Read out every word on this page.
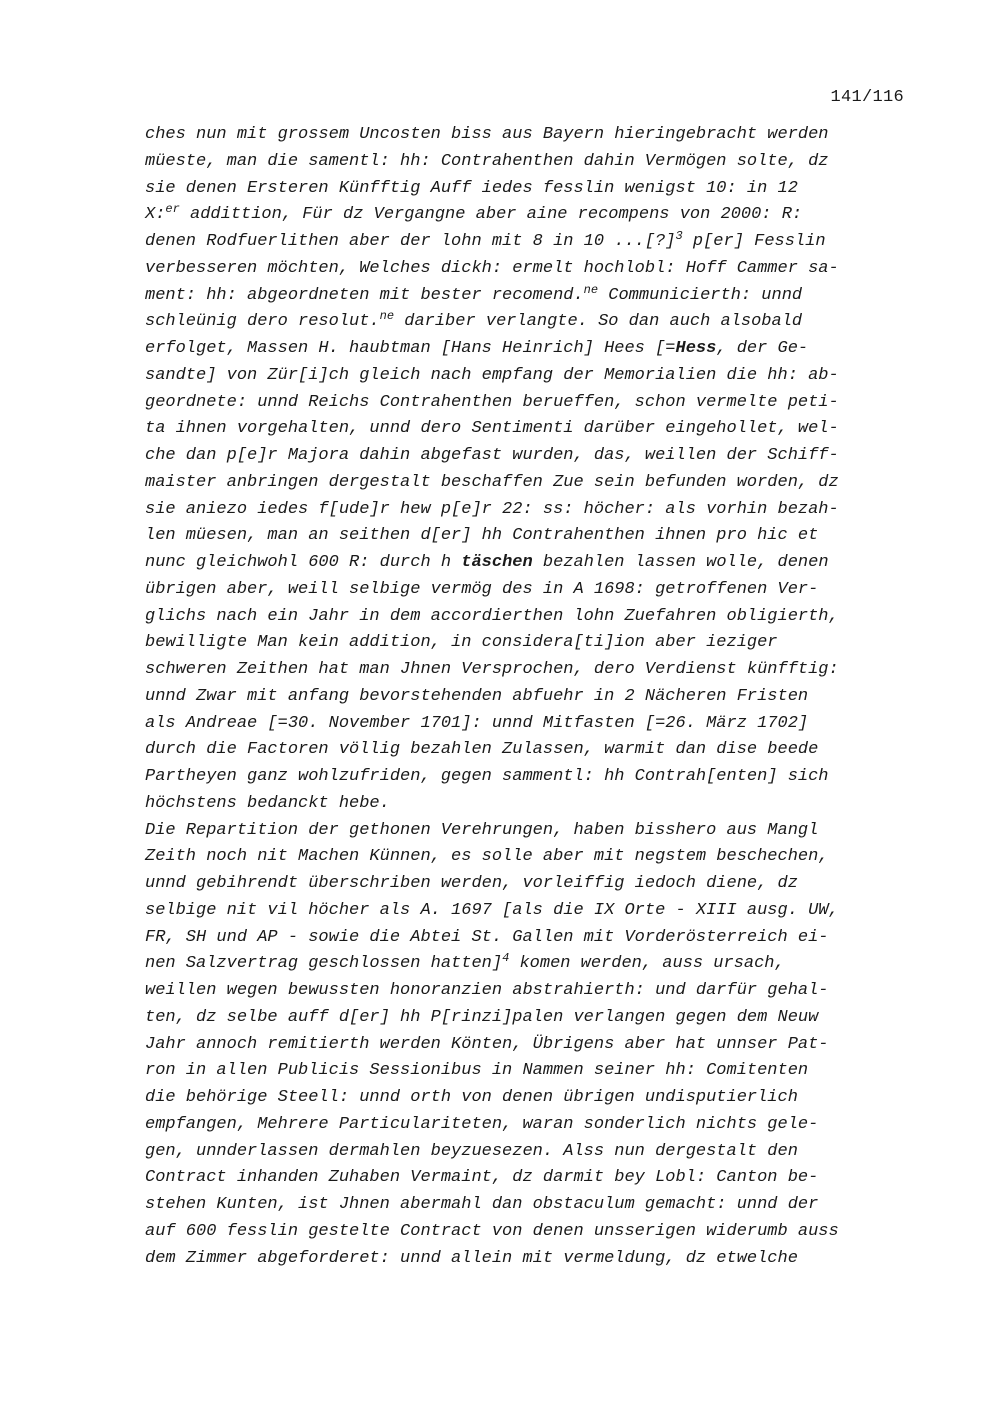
141/116
ches nun mit grossem Uncosten biss aus Bayern hieringebracht werden
müeste, man die samentl: hh: Contrahenthen dahin Vermögen solte, dz
sie denen Ersteren Künfftig Auff iedes fesslin wenigst 10: in 12
X:$^{er}$ addittion, Für dz Vergangne aber aine recompens von 2000: R:
denen Rodfuerlithen aber der lohn mit 8 in 10 ...[?]$^3$ p[er] Fesslin
verbesseren möchten, Welches dickh: ermelt hochlobl: Hoff Cammer sa-
ment: hh: abgeordneten mit bester recomend.$^{ne}$ Communicierth: unnd
schleünig dero resolut.$^{ne}$ dariber verlangte. So dan auch alsobald
erfolget, Massen H. haubtman [Hans Heinrich] Hees [=Hess, der Ge-
sandte] von Zür[i]ch gleich nach empfang der Memorialien die hh: ab-
geordnete: unnd Reichs Contrahenthen berueffen, schon vermelte peti-
ta ihnen vorgehalten, unnd dero Sentimenti darüber eingehollet, wel-
che dan p[e]r Majora dahin abgefast wurden, das, weillen der Schiff-
maister anbringen dergestalt beschaffen Zue sein befunden worden, dz
sie aniezo iedes f[ude]r hew p[e]r 22: ss: höcher: als vorhin bezah-
len müesen, man an seithen d[er] hh Contrahenthen ihnen pro hic et
nunc gleichwohl 600 R: durch h täschen bezahlen lassen wolle, denen
übrigen aber, weill selbige vermög des in A 1698: getroffenen Ver-
glichs nach ein Jahr in dem accordierthen lohn Zuefahren obligierth,
bewilligte Man kein addition, in considera[ti]ion aber ieziger
schweren Zeithen hat man Jhnen Versprochen, dero Verdienst künfftig:
unnd Zwar mit anfang bevorstehenden abfuehr in 2 Nächeren Fristen
als Andreae [=30. November 1701]: unnd Mitfasten [=26. März 1702]
durch die Factoren völlig bezahlen Zulassen, warmit dan dise beede
Partheyen ganz wohlzufriden, gegen sammentl: hh Contrah[enten] sich
höchstens bedanckt hebe.
Die Repartition der gethonen Verehrungen, haben bisshero aus Mangl
Zeith noch nit Machen Künnen, es solle aber mit negstem beschechen,
unnd gebihrendt überschriben werden, vorleiffig iedoch diene, dz
selbige nit vil höcher als A. 1697 [als die IX Orte - XIII ausg. UW,
FR, SH und AP - sowie die Abtei St. Gallen mit Vorderösterreich ei-
nen Salzvertrag geschlossen hatten]$^4$ komen werden, auss ursach,
weillen wegen bewussten honoranzien abstrahierth: und darfür gehal-
ten, dz selbe auff d[er] hh P[rinzi]palen verlangen gegen dem Neuw
Jahr annoch remitierth werden Könten, Übrigens aber hat unnser Pat-
ron in allen Publicis Sessionibus in Nammen seiner hh: Comitenten
die behörige Steell: unnd orth von denen übrigen undisputierlich
empfangen, Mehrere Particulariteten, waran sonderlich nichts gele-
gen, unnderlassen dermahlen beyzuesezen. Alss nun dergestalt den
Contract inhanden Zuhaben Vermaint, dz darmit bey Lobl: Canton be-
stehen Kunten, ist Jhnen abermahl dan obstaculum gemacht: unnd der
auf 600 fesslin gestelte Contract von denen unsserigen widerumb auss
dem Zimmer abgeforderet: unnd allein mit vermeldung, dz etwelche
